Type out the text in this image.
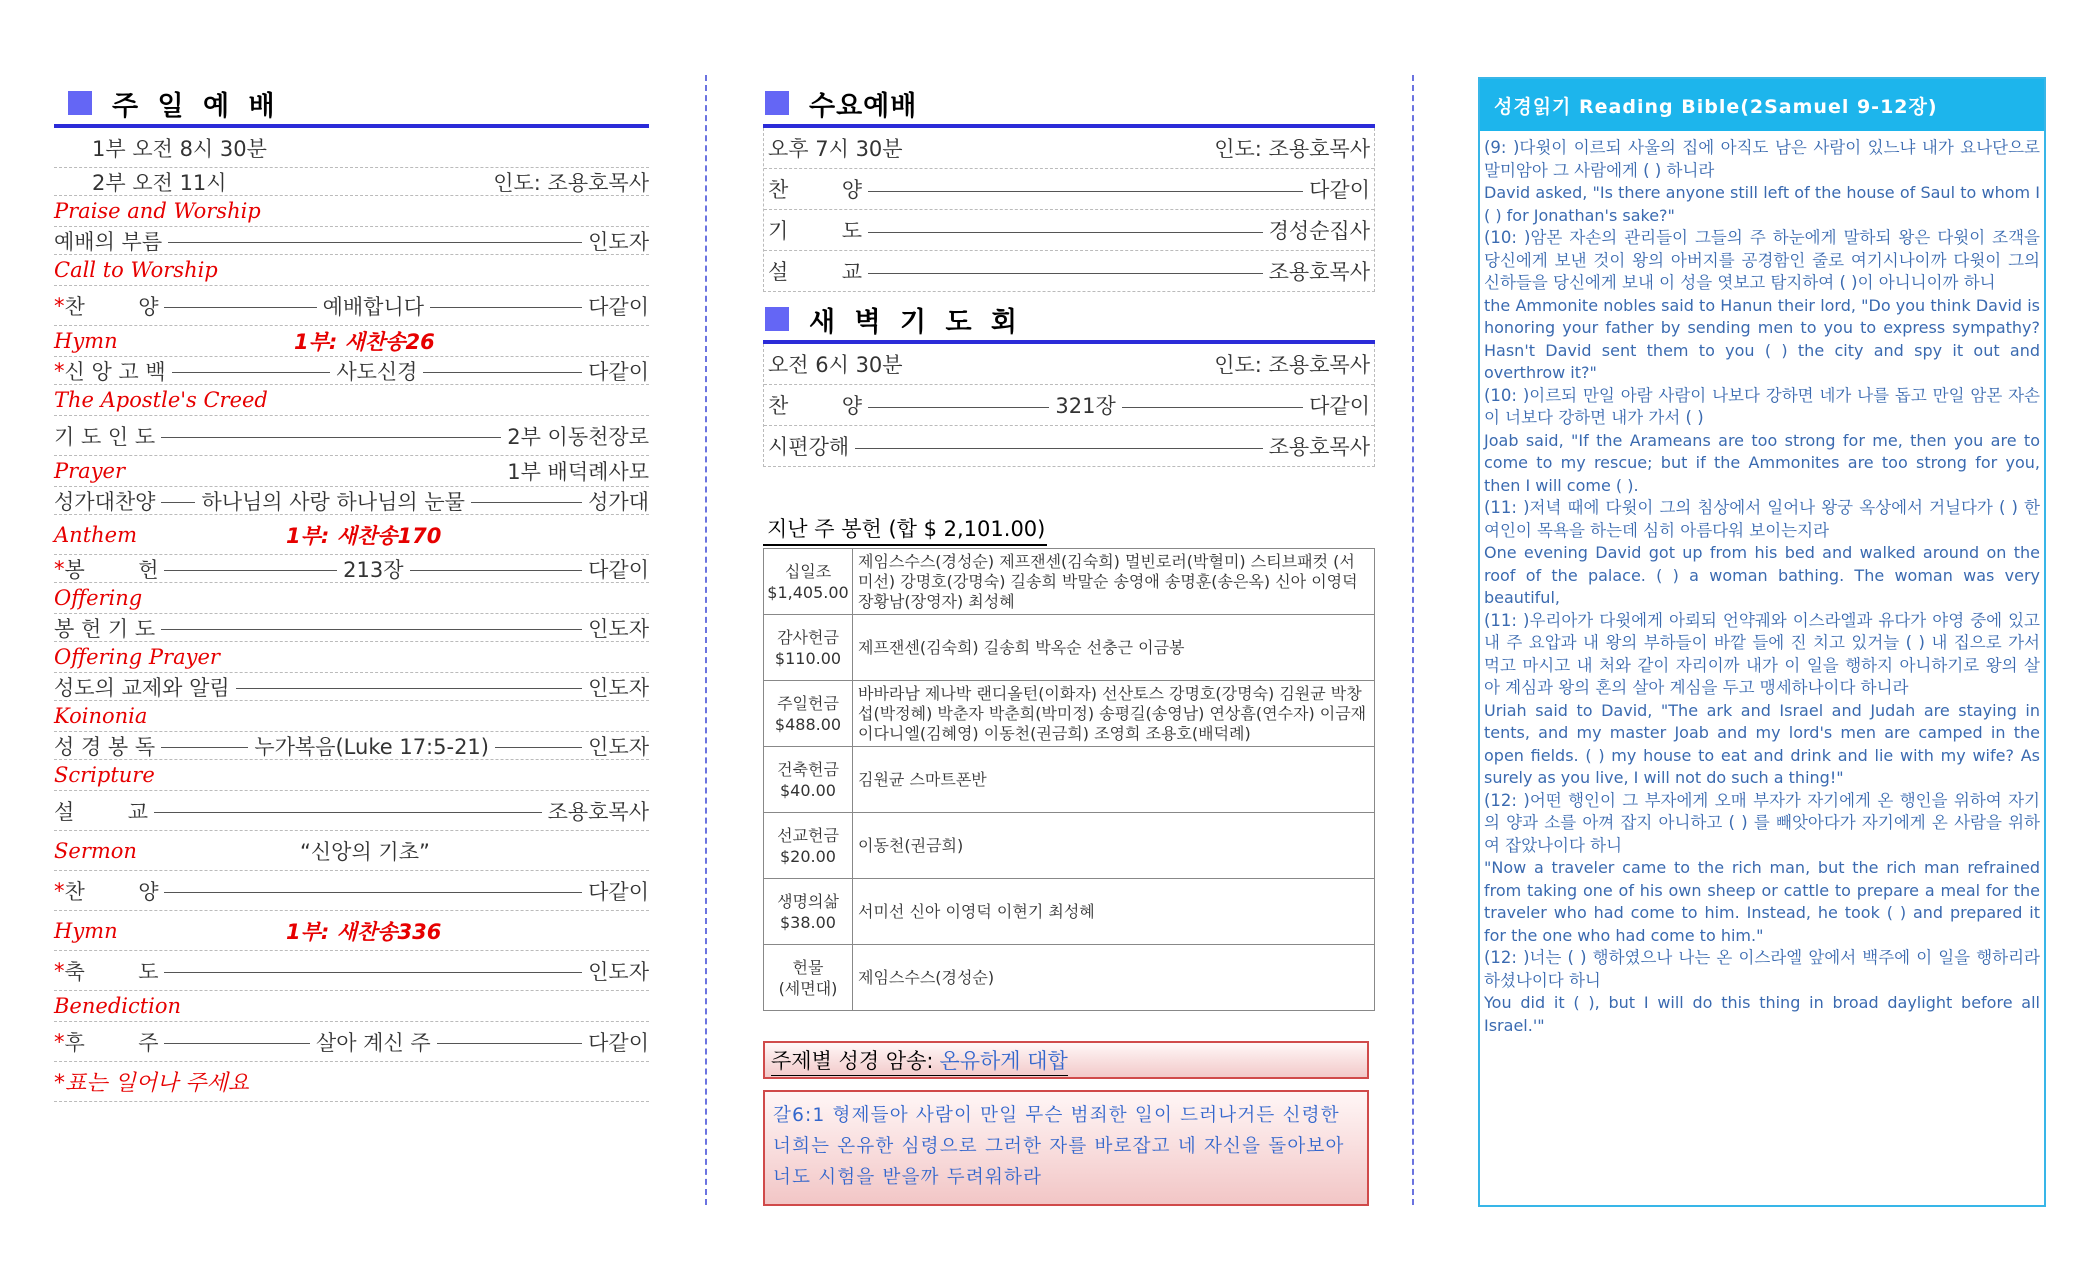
주 일 예 배
1부 오전 8시 30분
2부 오전 11시	인도: 조용호목사
Praise and Worship
예배의 부름	인도자
Call to Worship
* 찬        양	예배합니다	다같이
Hymn	1부: 새찬송26
* 신 앙 고 백	사도신경	다같이
The Apostle's Creed
기 도 인 도	2부 이동천장로
Prayer	1부 배덕례사모
성가대찬양 하나님의 사랑 하나님의 눈물	성가대
Anthem	1부: 새찬송170
* 봉        헌	213장	다같이
Offering
봉 헌 기 도	인도자
Offering Prayer
성도의 교제와 알림	인도자
Koinonia
성 경 봉 독	누가복음(Luke 17:5-21)	인도자
Scripture
설        교	조용호목사
Sermon	“신앙의 기초”
* 찬        양	다같이
Hymn	1부: 새찬송336
* 축        도	인도자
Benediction
* 후        주	살아 계신 주	다같이
*표는 일어나 주세요
수요예배
오후 7시 30분	인도: 조용호목사
찬        양	다같이
기        도	경성순집사
설        교	조용호목사
새 벽 기 도 회
오전 6시 30분	인도: 조용호목사
찬        양	321장	다같이
시편강해	조용호목사
지난 주 봉헌 (합 $ 2,101.00)
십일조
$1,405.00	제임스수스(경성순) 제프잰센(김숙희) 멀빈로러(박혈미) 스티브패컷 (서미선) 강명호(강명숙) 길송희 박말순 송영애 송명훈(송은옥) 신아 이영덕 장황남(장영자) 최성혜
감사헌금
$110.00	제프잰센(김숙희) 길송희 박옥순 선충근 이금봉
주일헌금
$488.00	바바라남 제나박 랜디올턴(이화자) 선산토스 강명호(강명숙) 김원균 박창섭(박정혜) 박춘자 박춘희(박미정) 송평길(송영남) 연상흠(연수자) 이금재 이다니엘(김혜영) 이동천(권금희) 조영희 조용호(배덕례)
건축헌금
$40.00	김원균 스마트폰반
선교헌금
$20.00	이동천(권금희)
생명의삶
$38.00	서미선 신아 이영덕 이현기 최성혜
헌물
(세면대)	제임스수스(경성순)
주제별 성경 암송: 온유하게 대합
갈6:1 형제들아 사람이 만일 무슨 범죄한 일이 드러나거든 신령한 너희는 온유한 심령으로 그러한 자를 바로잡고 네 자신을 돌아보아 너도 시험을 받을까 두려워하라
성경읽기 Reading Bible(2Samuel 9-12장)
(9: )다윗이 이르되 사울의 집에 아직도 남은 사람이 있느냐 내가 요나단으로 말미암아 그 사람에게 ( ) 하니라
David asked, "Is there anyone still left of the house of Saul to whom I ( ) for Jonathan's sake?"
(10: )암몬 자손의 관리들이 그들의 주 하눈에게 말하되 왕은 다윗이 조객을 당신에게 보낸 것이 왕의 아버지를 공경함인 줄로 여기시나이까 다윗이 그의 신하들을 당신에게 보내 이 성을 엿보고 탐지하여 ( )이 아니니이까 하니
the Ammonite nobles said to Hanun their lord, "Do you think David is honoring your father by sending men to you to express sympathy? Hasn't David sent them to you ( ) the city and spy it out and overthrow it?"
(10: )이르되 만일 아람 사람이 나보다 강하면 네가 나를 돕고 만일 암몬 자손이 너보다 강하면 내가 가서 ( )
Joab said, "If the Arameans are too strong for me, then you are to come to my rescue; but if the Ammonites are too strong for you, then I will come ( ).
(11: )저녁 때에 다윗이 그의 침상에서 일어나 왕궁 옥상에서 거닐다가 ( ) 한 여인이 목욕을 하는데 심히 아름다워 보이는지라
One evening David got up from his bed and walked around on the roof of the palace. ( ) a woman bathing. The woman was very beautiful,
(11: )우리아가 다윗에게 아뢰되 언약궤와 이스라엘과 유다가 야영 중에 있고 내 주 요압과 내 왕의 부하들이 바깥 들에 진 치고 있거늘 ( ) 내 집으로 가서 먹고 마시고 내 처와 같이 자리이까 내가 이 일을 행하지 아니하기로 왕의 살아 계심과 왕의 혼의 살아 계심을 두고 맹세하나이다 하니라
Uriah said to David, "The ark and Israel and Judah are staying in tents, and my master Joab and my lord's men are camped in the open fields. ( ) my house to eat and drink and lie with my wife? As surely as you live, I will not do such a thing!"
(12: )어떤 행인이 그 부자에게 오매 부자가 자기에게 온 행인을 위하여 자기의 양과 소를 아껴 잡지 아니하고 ( ) 를 빼앗아다가 자기에게 온 사람을 위하여 잡았나이다 하니
"Now a traveler came to the rich man, but the rich man refrained from taking one of his own sheep or cattle to prepare a meal for the traveler who had come to him. Instead, he took ( ) and prepared it for the one who had come to him."
(12: )너는 ( ) 행하였으나 나는 온 이스라엘 앞에서 백주에 이 일을 행하리라 하셨나이다 하니
You did it ( ), but I will do this thing in broad daylight before all Israel.'"
